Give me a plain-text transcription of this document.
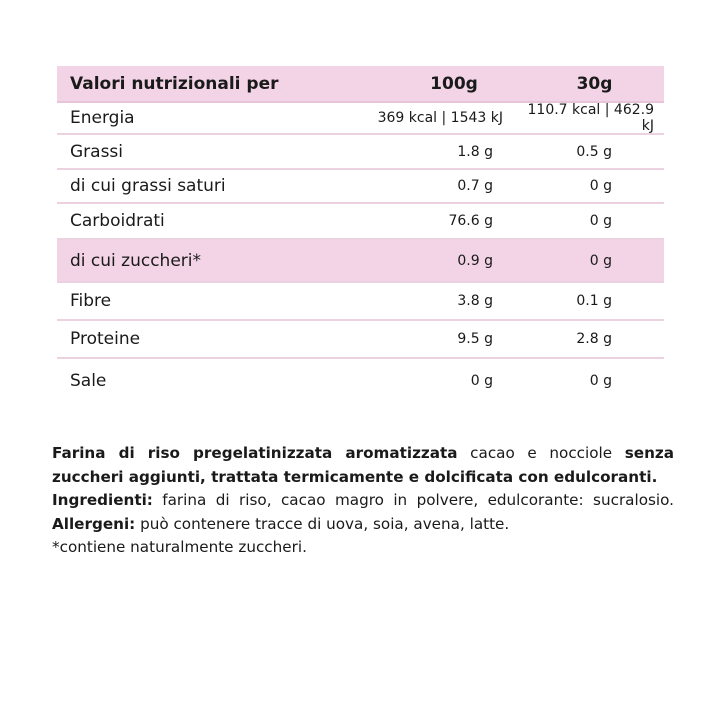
Valori nutrizionali per	100g	30g
Energia	369 kcal | 1543 kJ	110.7 kcal | 462.9 kJ
Grassi	1.8 g	0.5 g
di cui grassi saturi	0.7 g	0 g
Carboidrati	76.6 g	0 g
di cui zuccheri*	0.9 g	0 g
Fibre	3.8 g	0.1 g
Proteine	9.5 g	2.8 g
Sale	0 g	0 g
Farina di riso pregelatinizzata aromatizzata cacao e nocciole senza
zuccheri aggiunti, trattata termicamente e dolcificata con edulcoranti.
Ingredienti: farina di riso, cacao magro in polvere, edulcorante: sucralosio. Allergeni: può contenere tracce di uova, soia, avena, latte.
*contiene naturalmente zuccheri.
